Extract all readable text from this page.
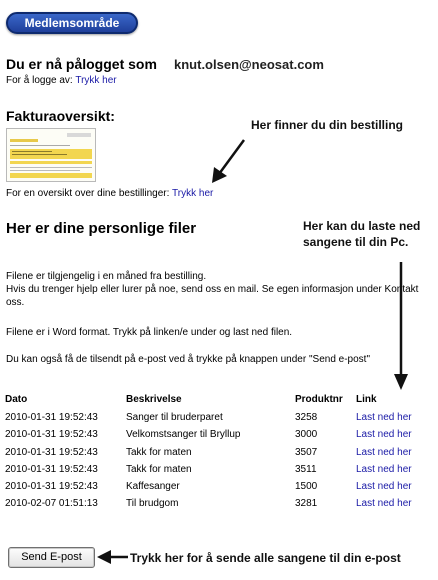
Medlemsområde
Du er nå pålogget som knut.olsen@neosat.com
For å logge av: Trykk her
Fakturaoversikt:
Her finner du din bestilling
For en oversikt over dine bestillinger: Trykk her
Her er dine personlige filer	Her kan du laste ned sangene til din Pc.
Filene er tilgjengelig i en måned fra bestilling.
Hvis du trenger hjelp eller lurer på noe, send oss en mail. Se egen informasjon under Kontakt oss.
Filene er i Word format. Trykk på linken/e under og last ned filen.
Du kan også få de tilsendt på e-post ved å trykke på knappen under "Send e-post"
Dato	Beskrivelse	Produktnr	Link
2010-01-31 19:52:43	Sanger til bruderparet	3258	Last ned her
2010-01-31 19:52:43	Velkomstsanger til Bryllup	3000	Last ned her
2010-01-31 19:52:43	Takk for maten	3507	Last ned her
2010-01-31 19:52:43	Takk for maten	3511	Last ned her
2010-01-31 19:52:43	Kaffesanger	1500	Last ned her
2010-02-07 01:51:13	Til brudgom	3281	Last ned her
Send E-post	Trykk her for å sende alle sangene til din e-post
